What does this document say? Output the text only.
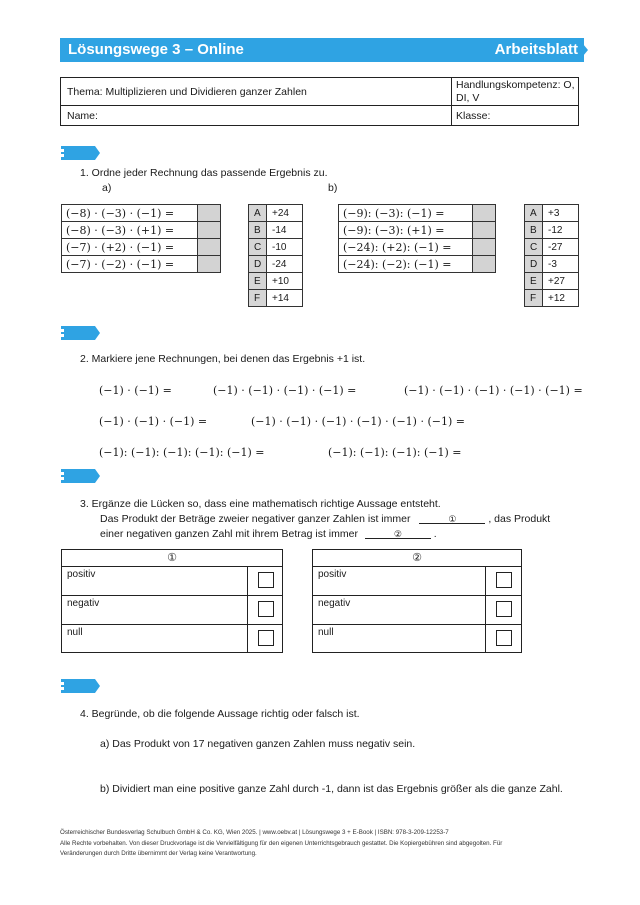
Lösungswege 3 – Online	Arbeitsblatt
Thema: Multiplizieren und Dividieren ganzer Zahlen
Handlungskompetenz: O,
DI, V
Name:	Klasse:
1. Ordne jeder Rechnung das passende Ergebnis zu.
a)	b)
(−8) · (−3) · (−1) =	
(−8) · (−3) · (+1) =	
(−7) · (+2) · (−1) =	
(−7) · (−2) · (−1) =	
A	+24
B	-14
C	-10
D	-24
E	+10
F	+14
(−9): (−3): (−1) =	
(−9): (−3): (+1) =	
(−24): (+2): (−1) =	
(−24): (−2): (−1) =	
A	+3
B	-12
C	-27
D	-3
E	+27
F	+12
2. Markiere jene Rechnungen, bei denen das Ergebnis +1 ist.
(−1) · (−1) =	(−1) · (−1) · (−1) · (−1) =	(−1) · (−1) · (−1) · (−1) · (−1) =
(−1) · (−1) · (−1) =	(−1) · (−1) · (−1) · (−1) · (−1) · (−1) =
(−1): (−1): (−1): (−1): (−1) =	(−1): (−1): (−1): (−1) =
3. Ergänze die Lücken so, dass eine mathematisch richtige Aussage entsteht.
Das Produkt der Beträge zweier negativer ganzer Zahlen ist immer	①	, das Produkt
einer negativen ganzen Zahl mit ihrem Betrag ist immer	②	.
①
positiv
negativ
null
②
positiv
negativ
null
4. Begründe, ob die folgende Aussage richtig oder falsch ist.
a) Das Produkt von 17 negativen ganzen Zahlen muss negativ sein.
b) Dividiert man eine positive ganze Zahl durch -1, dann ist das Ergebnis größer als die ganze Zahl.
Österreichischer Bundesverlag Schulbuch GmbH & Co. KG, Wien 2025. | www.oebv.at | Lösungswege 3 + E-Book | ISBN: 978-3-209-12253-7
Alle Rechte vorbehalten. Von dieser Druckvorlage ist die Vervielfältigung für den eigenen Unterrichtsgebrauch gestattet. Die Kopiergebühren sind abgegolten. Für
Veränderungen durch Dritte übernimmt der Verlag keine Verantwortung.
